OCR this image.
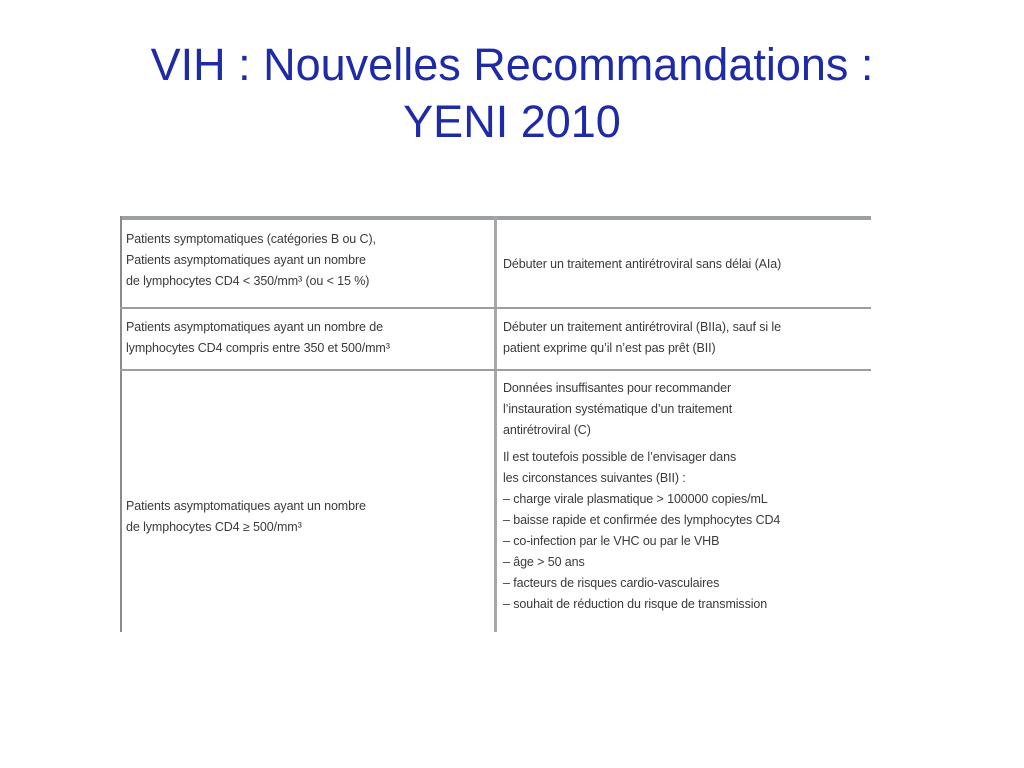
VIH : Nouvelles Recommandations :
YENI 2010

Patients symptomatiques (catégories B ou C),

Patients asymptomatiques ayant un nombre

de lymphocytes CD4 < 350/mm³ (ou < 15 %)

Débuter un traitement antirétroviral sans délai (AIa)

Patients asymptomatiques ayant un nombre de

lymphocytes CD4 compris entre 350 et 500/mm³

Débuter un traitement antirétroviral (BIIa), sauf si le

patient exprime qu’il n’est pas prêt (BII)

Patients asymptomatiques ayant un nombre

de lymphocytes CD4 ≥ 500/mm³

Données insuffisantes pour recommander

l’instauration systématique d’un traitement

antirétroviral (C)

Il est toutefois possible de l’envisager dans

les circonstances suivantes (BII) :

– charge virale plasmatique > 100000 copies/mL

– baisse rapide et confirmée des lymphocytes CD4

– co-infection par le VHC ou par le VHB

– âge > 50 ans

– facteurs de risques cardio-vasculaires

– souhait de réduction du risque de transmission
